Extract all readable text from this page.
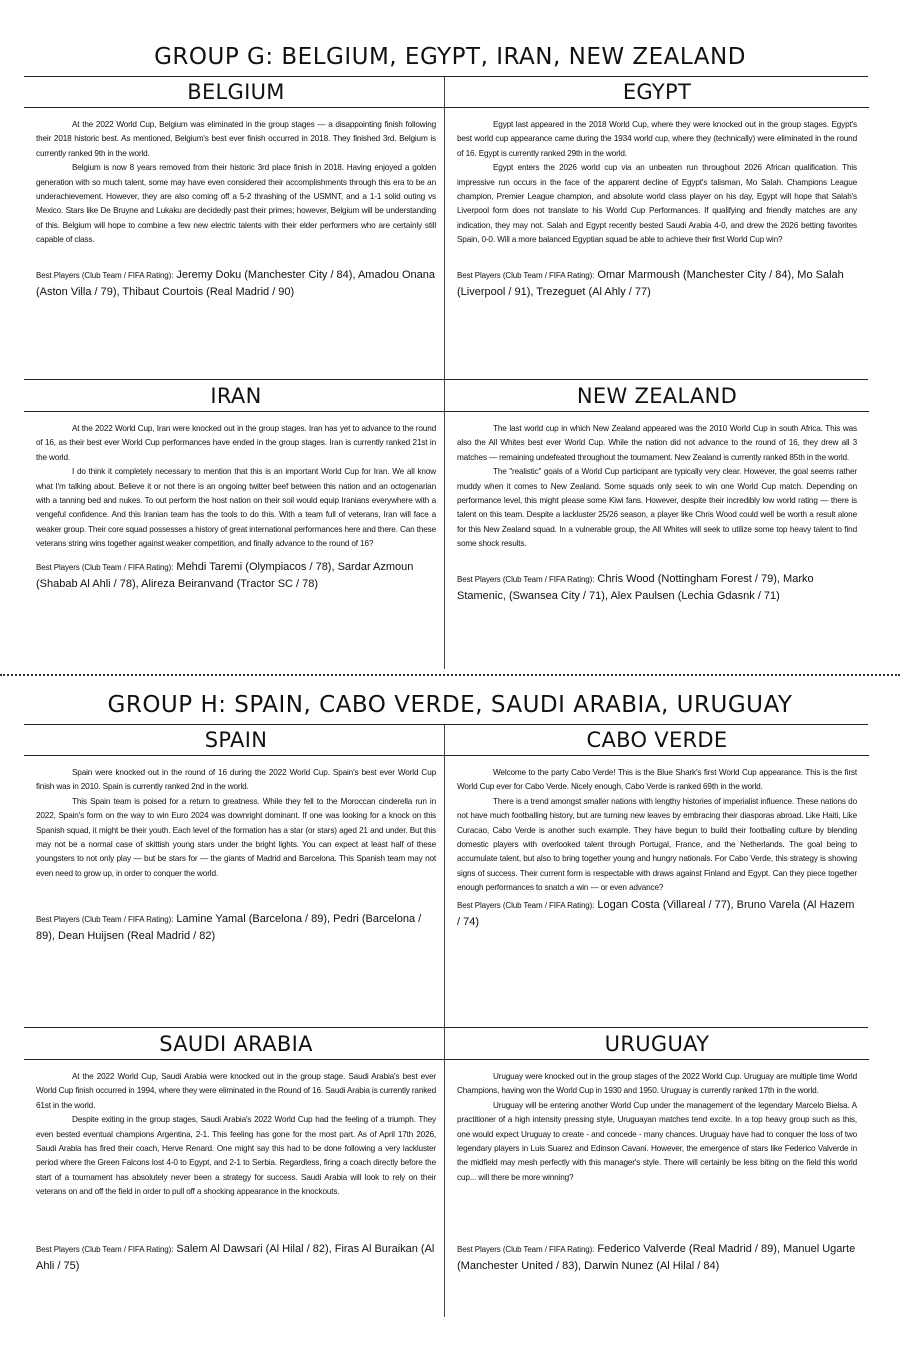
GROUP G: BELGIUM, EGYPT, IRAN, NEW ZEALAND
BELGIUM

At the 2022 World Cup, Belgium was eliminated in the group stages — a disappointing finish following their 2018 historic best. As mentioned, Belgium's best ever finish occurred in 2018. They finished 3rd. Belgium is currently ranked 9th in the world.

Belgium is now 8 years removed from their historic 3rd place finish in 2018. Having enjoyed a golden generation with so much talent, some may have even considered their accomplishments through this era to be an underachievement. However, they are also coming off a 5-2 thrashing of the USMNT, and a 1-1 solid outing vs Mexico. Stars like De Bruyne and Lukaku are decidedly past their primes; however, Belgium will be understanding of this. Belgium will hope to combine a few new electric talents with their elder performers who are certainly still capable of class.

Best Players (Club Team / FIFA Rating): Jeremy Doku (Manchester City / 84), Amadou Onana (Aston Villa / 79), Thibaut Courtois (Real Madrid / 90)
EGYPT

Egypt last appeared in the 2018 World Cup, where they were knocked out in the group stages. Egypt's best world cup appearance came during the 1934 world cup, where they (technically) were eliminated in the round of 16. Egypt is currently ranked 29th in the world.

Egypt enters the 2026 world cup via an unbeaten run throughout 2026 African qualification. This impressive run occurs in the face of the apparent decline of Egypt's talisman, Mo Salah. Champions League champion, Premier League champion, and absolute world class player on his day, Egypt will hope that Salah's Liverpool form does not translate to his World Cup Performances. If qualifying and friendly matches are any indication, they may not. Salah and Egypt recently bested Saudi Arabia 4-0, and drew the 2026 betting favorites Spain, 0-0. Will a more balanced Egyptian squad be able to achieve their first World Cup win?

Best Players (Club Team / FIFA Rating): Omar Marmoush (Manchester City / 84), Mo Salah (Liverpool / 91), Trezeguet (Al Ahly / 77)
IRAN

At the 2022 World Cup, Iran were knocked out in the group stages. Iran has yet to advance to the round of 16, as their best ever World Cup performances have ended in the group stages. Iran is currently ranked 21st in the world.

I do think it completely necessary to mention that this is an important World Cup for Iran. We all know what I'm talking about. Believe it or not there is an ongoing twitter beef between this nation and an octogenarian with a tanning bed and nukes. To out perform the host nation on their soil would equip Iranians everywhere with a vengeful confidence. And this Iranian team has the tools to do this. With a team full of veterans, Iran will face a weaker group. Their core squad possesses a history of great international performances here and there. Can these veterans string wins together against weaker competition, and finally advance to the round of 16?

Best Players (Club Team / FIFA Rating): Mehdi Taremi (Olympiacos / 78), Sardar Azmoun (Shabab Al Ahli / 78), Alireza Beiranvand (Tractor SC / 78)
NEW ZEALAND

The last world cup in which New Zealand appeared was the 2010 World Cup in south Africa. This was also the All Whites best ever World Cup. While the nation did not advance to the round of 16, they drew all 3 matches — remaining undefeated throughout the tournament. New Zealand is currently ranked 85th in the world.

The "realistic" goals of a World Cup participant are typically very clear. However, the goal seems rather muddy when it comes to New Zealand. Some squads only seek to win one World Cup match. Depending on performance level, this might please some Kiwi fans. However, despite their incredibly low world rating — there is talent on this team. Despite a lackluster 25/26 season, a player like Chris Wood could well be worth a result alone for this New Zealand squad. In a vulnerable group, the All Whites will seek to utilize some top heavy talent to find some shock results.

Best Players (Club Team / FIFA Rating): Chris Wood (Nottingham Forest / 79), Marko Stamenic, (Swansea City / 71), Alex Paulsen (Lechia Gdasnk / 71)
GROUP H: SPAIN, CABO VERDE, SAUDI ARABIA, URUGUAY
SPAIN

Spain were knocked out in the round of 16 during the 2022 World Cup. Spain's best ever World Cup finish was in 2010. Spain is currently ranked 2nd in the world.

This Spain team is poised for a return to greatness. While they fell to the Moroccan cinderella run in 2022, Spain's form on the way to win Euro 2024 was downright dominant. If one was looking for a knock on this Spanish squad, it might be their youth. Each level of the formation has a star (or stars) aged 21 and under. But this may not be a normal case of skittish young stars under the bright lights. You can expect at least half of these youngsters to not only play — but be stars for — the giants of Madrid and Barcelona. This Spanish team may not even need to grow up, in order to conquer the world.

Best Players (Club Team / FIFA Rating): Lamine Yamal (Barcelona / 89), Pedri (Barcelona / 89), Dean Huijsen (Real Madrid / 82)
CABO VERDE

Welcome to the party Cabo Verde! This is the Blue Shark's first World Cup appearance. This is the first World Cup ever for Cabo Verde. Nicely enough, Cabo Verde is ranked 69th in the world.

There is a trend amongst smaller nations with lengthy histories of imperialist influence. These nations do not have much footballing history, but are turning new leaves by embracing their diasporas abroad. Like Haiti, Like Curacao, Cabo Verde is another such example. They have begun to build their footballing culture by blending domestic players with overlooked talent through Portugal, France, and the Netherlands. The goal being to accumulate talent, but also to bring together young and hungry nationals. For Cabo Verde, this strategy is showing signs of success. Their current form is respectable with draws against Finland and Egypt. Can they piece together enough performances to snatch a win — or even advance?

Best Players (Club Team / FIFA Rating): Logan Costa (Villareal / 77), Bruno Varela (Al Hazem / 74)
SAUDI ARABIA

At the 2022 World Cup, Saudi Arabia were knocked out in the group stage. Saudi Arabia's best ever World Cup finish occurred in 1994, where they were eliminated in the Round of 16. Saudi Arabia is currently ranked 61st in the world.

Despite exiting in the group stages, Saudi Arabia's 2022 World Cup had the feeling of a triumph. They even bested eventual champions Argentina, 2-1. This feeling has gone for the most part. As of April 17th 2026, Saudi Arabia has fired their coach, Herve Renard. One might say this had to be done following a very lackluster period where the Green Falcons lost 4-0 to Egypt, and 2-1 to Serbia. Regardless, firing a coach directly before the start of a tournament has absolutely never been a strategy for success. Saudi Arabia will look to rely on their veterans on and off the field in order to pull off a shocking appearance in the knockouts.

Best Players (Club Team / FIFA Rating): Salem Al Dawsari (Al Hilal / 82), Firas Al Buraikan (Al Ahli / 75)
URUGUAY

Uruguay were knocked out in the group stages of the 2022 World Cup. Uruguay are multiple time World Champions, having won the World Cup in 1930 and 1950. Uruguay is currently ranked 17th in the world.

Uruguay will be entering another World Cup under the management of the legendary Marcelo Bielsa. A practitioner of a high intensity pressing style, Uruguayan matches tend excite. In a top heavy group such as this, one would expect Uruguay to create - and concede - many chances. Uruguay have had to conquer the loss of two legendary players in Luis Suarez and Edinson Cavani. However, the emergence of stars like Federico Valverde in the midfield may mesh perfectly with this manager's style. There will certainly be less biting on the field this world cup... will there be more winning?

Best Players (Club Team / FIFA Rating): Federico Valverde (Real Madrid / 89), Manuel Ugarte (Manchester United / 83), Darwin Nunez (Al Hilal / 84)
